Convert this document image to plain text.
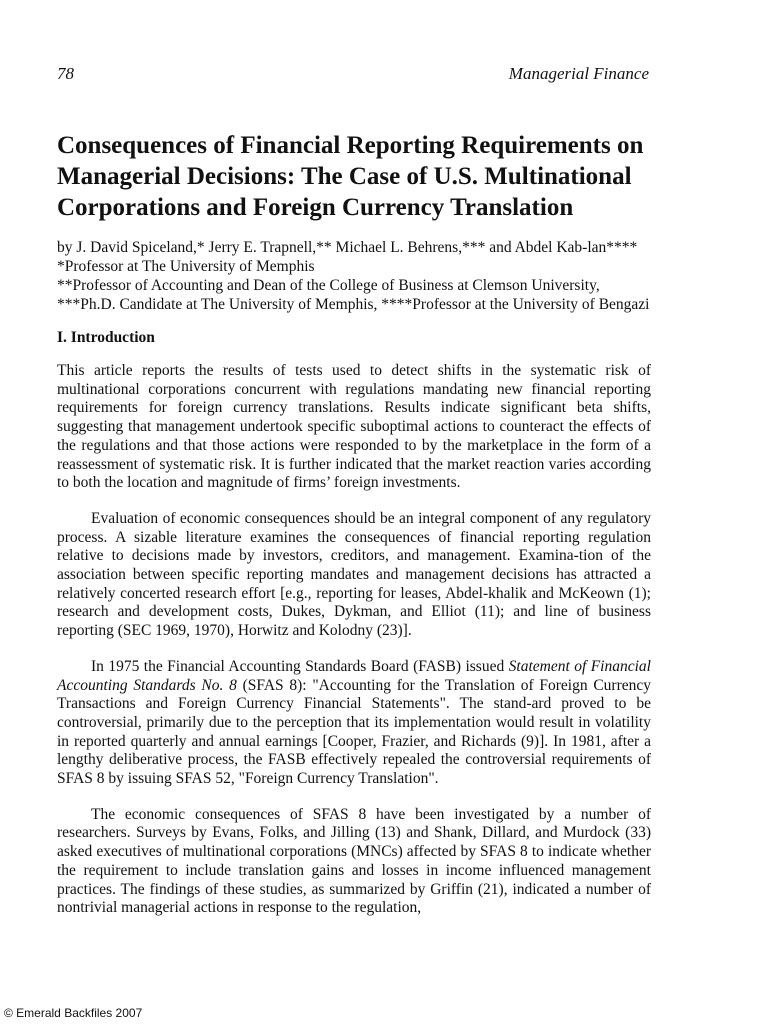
78	Managerial Finance
Consequences of Financial Reporting Requirements on Managerial Decisions: The Case of U.S. Multinational Corporations and Foreign Currency Translation

by J. David Spiceland,* Jerry E. Trapnell,** Michael L. Behrens,*** and Abdel Kab-lan****

*Professor at The University of Memphis

**Professor of Accounting and Dean of the College of Business at Clemson University, ***Ph.D. Candidate at The University of Memphis, ****Professor at the University of Bengazi

I. Introduction

This article reports the results of tests used to detect shifts in the systematic risk of multinational corporations concurrent with regulations mandating new financial reporting requirements for foreign currency translations. Results indicate significant beta shifts, suggesting that management undertook specific suboptimal actions to counteract the effects of the regulations and that those actions were responded to by the marketplace in the form of a reassessment of systematic risk. It is further indicated that the market reaction varies according to both the location and magnitude of firms’ foreign investments.

Evaluation of economic consequences should be an integral component of any regulatory process. A sizable literature examines the consequences of financial reporting regulation relative to decisions made by investors, creditors, and management. Examina-tion of the association between specific reporting mandates and management decisions has attracted a relatively concerted research effort [e.g., reporting for leases, Abdel-khalik and McKeown (1); research and development costs, Dukes, Dykman, and Elliot (11); and line of business reporting (SEC 1969, 1970), Horwitz and Kolodny (23)].

In 1975 the Financial Accounting Standards Board (FASB) issued Statement of Financial Accounting Standards No. 8 (SFAS 8): "Accounting for the Translation of Foreign Currency Transactions and Foreign Currency Financial Statements". The stand-ard proved to be controversial, primarily due to the perception that its implementation would result in volatility in reported quarterly and annual earnings [Cooper, Frazier, and Richards (9)]. In 1981, after a lengthy deliberative process, the FASB effectively repealed the controversial requirements of SFAS 8 by issuing SFAS 52, "Foreign Currency Translation".

The economic consequences of SFAS 8 have been investigated by a number of researchers. Surveys by Evans, Folks, and Jilling (13) and Shank, Dillard, and Murdock (33) asked executives of multinational corporations (MNCs) affected by SFAS 8 to indicate whether the requirement to include translation gains and losses in income influenced management practices. The findings of these studies, as summarized by Griffin (21), indicated a number of nontrivial managerial actions in response to the regulation,

© Emerald Backfiles 2007
